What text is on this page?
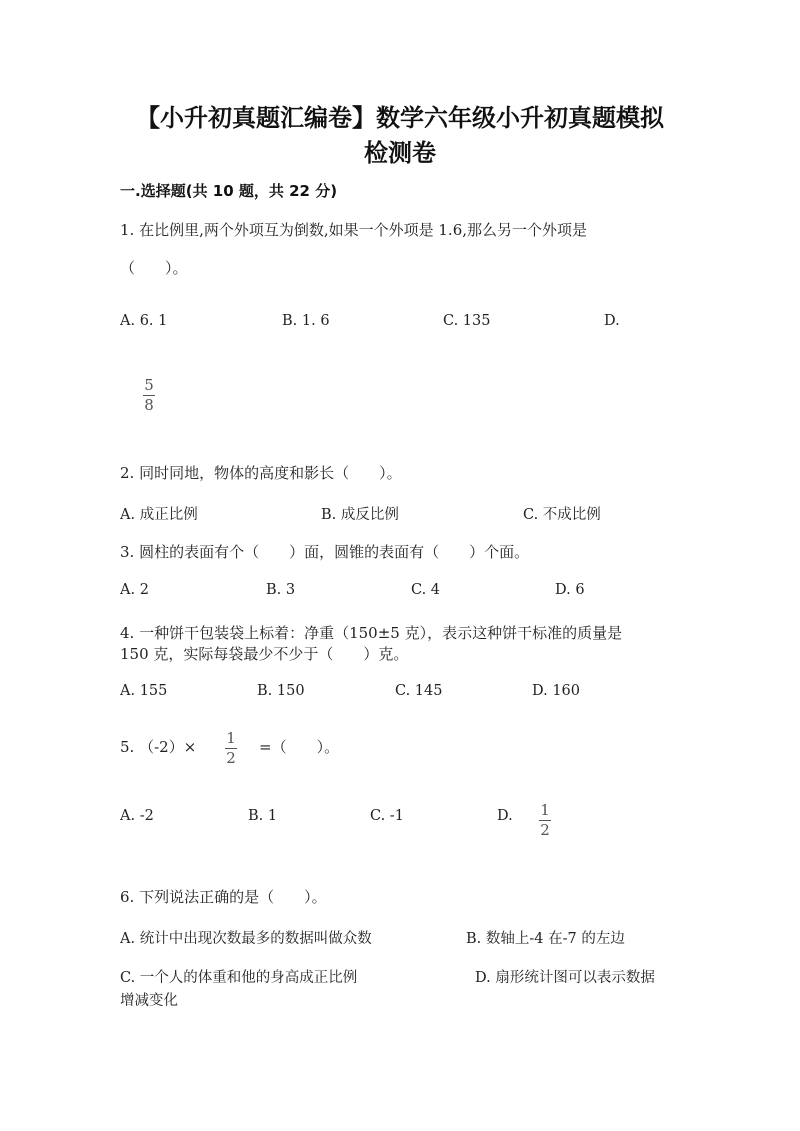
【小升初真题汇编卷】数学六年级小升初真题模拟
检测卷
一.选择题(共 10 题，共 22 分)
1. 在比例里,两个外项互为倒数,如果一个外项是 1.6,那么另一个外项是
（　　）。
A. 6. 1	B. 1. 6	C. 135	D.
5
8
2. 同时同地，物体的高度和影长（　　）。
A. 成正比例	B. 成反比例	C. 不成比例
3. 圆柱的表面有个（　　）面，圆锥的表面有（　　）个面。
A. 2	B. 3	C. 4	D. 6
4. 一种饼干包装袋上标着：净重（150±5 克），表示这种饼干标准的质量是
150 克，实际每袋最少不少于（　　）克。
A. 155	B. 150	C. 145	D. 160
5. （-2）× 1
2
=（　　）。
A. -2	B. 1	C. -1	D. 1
2
6. 下列说法正确的是（　　）。
A. 统计中出现次数最多的数据叫做众数	B. 数轴上-4 在-7 的左边
C. 一个人的体重和他的身高成正比例	D. 扇形统计图可以表示数据
增减变化
